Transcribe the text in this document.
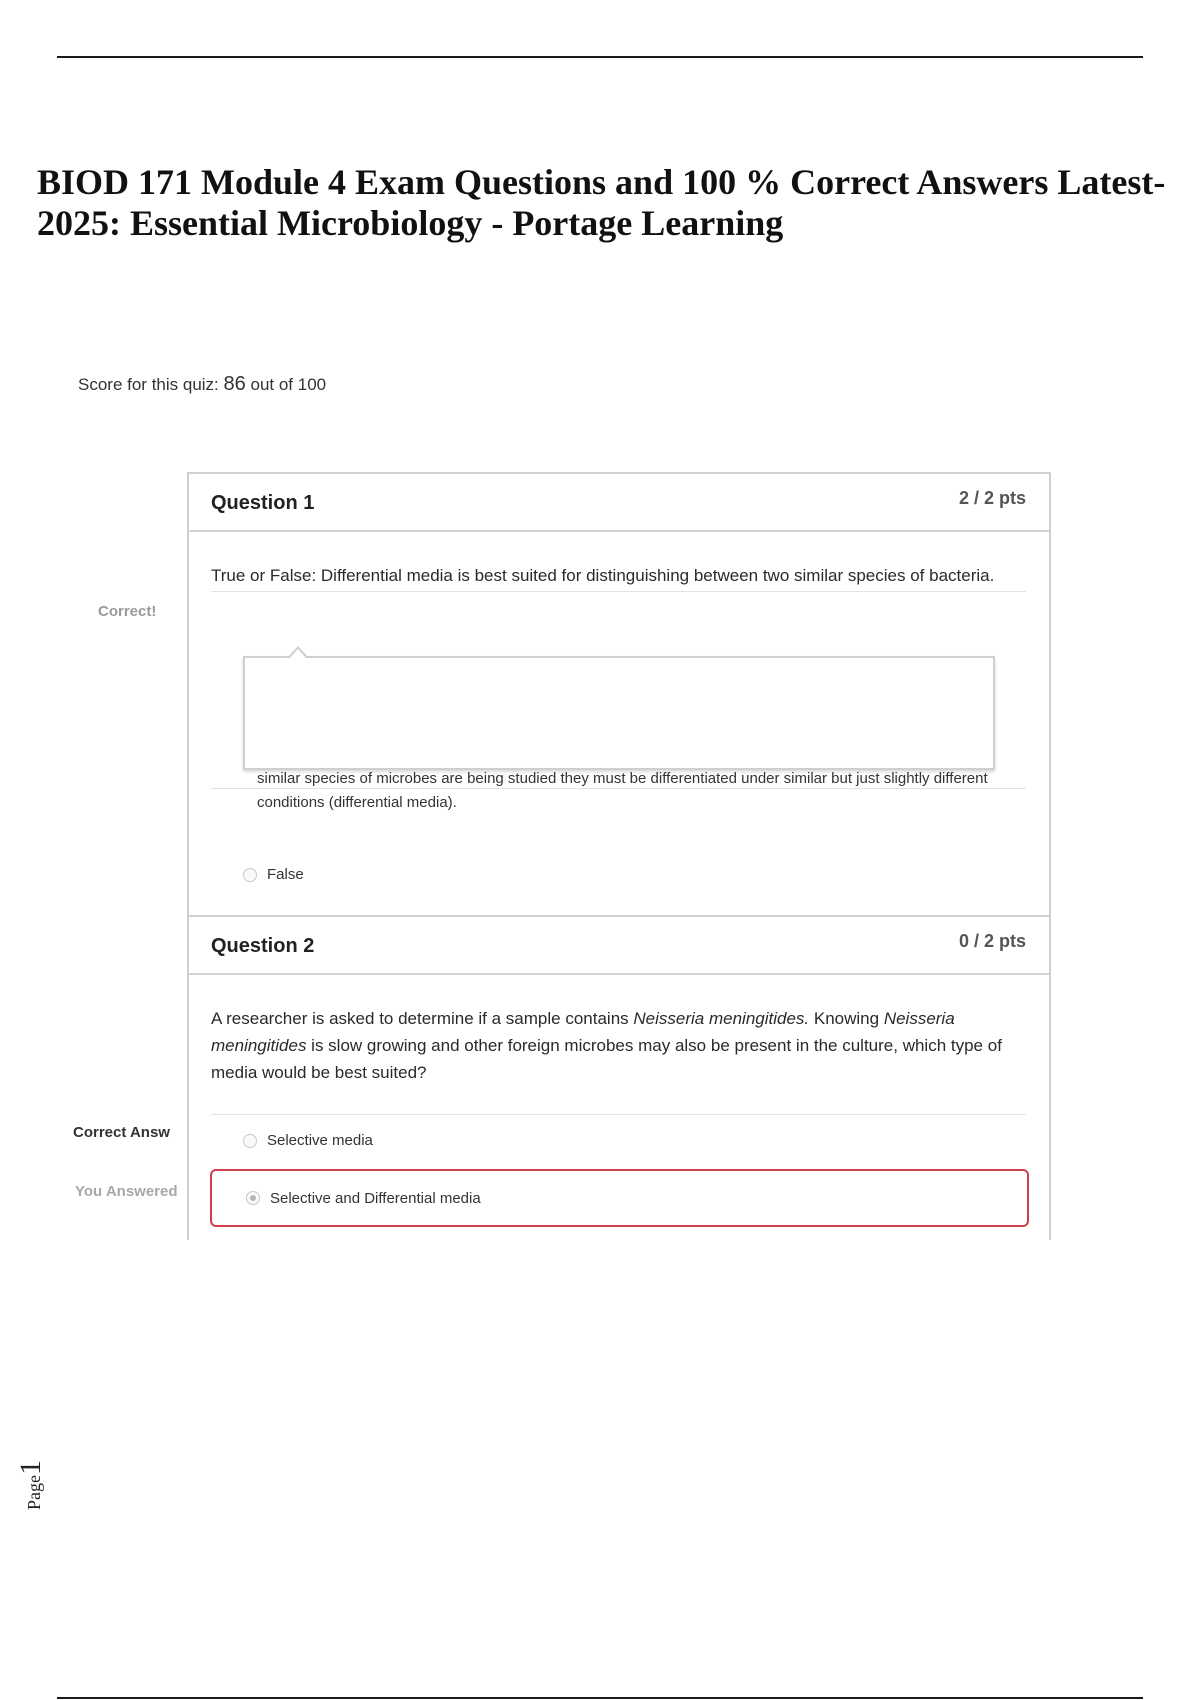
BIOD 171 Module 4 Exam Questions and 100 % Correct Answers Latest-2025: Essential Microbiology - Portage Learning
Score for this quiz: 86 out of 100
Correct!
Correct Answ
You Answered
Question 1	2 / 2 pts
True or False: Differential media is best suited for distinguishing between two similar species of bacteria.
similar species of microbes are being studied they must be differentiated under similar but just slightly different conditions (differential media).
False
Question 2	0 / 2 pts
A researcher is asked to determine if a sample contains Neisseria meningitides. Knowing Neisseria meningitides is slow growing and other foreign microbes may also be present in the culture, which type of media would be best suited?
Selective media
Selective and Differential media
Page1
